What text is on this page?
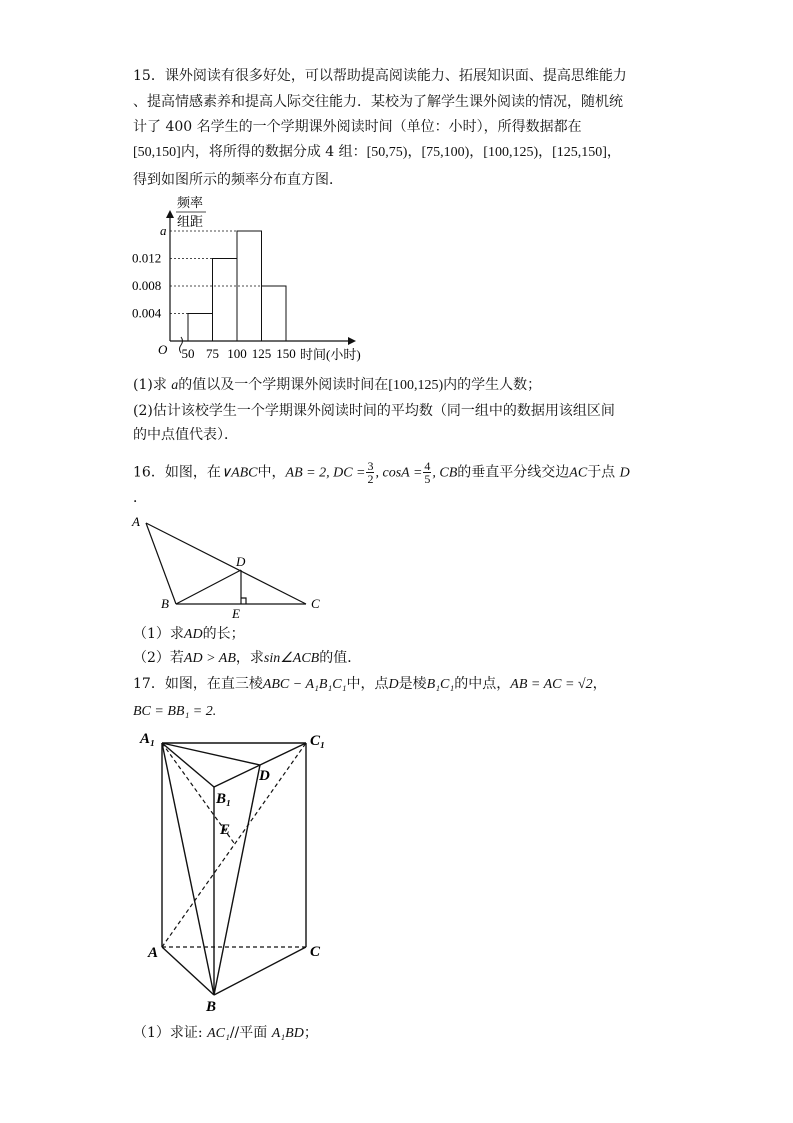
15．课外阅读有很多好处，可以帮助提高阅读能力、拓展知识面、提高思维能力
、提高情感素养和提高人际交往能力．某校为了解学生课外阅读的情况，随机统
计了 400 名学生的一个学期课外阅读时间（单位：小时），所得数据都在
[50,150]内，将所得的数据分成 4 组：[50,75)，[75,100)，[100,125)，[125,150]，
得到如图所示的频率分布直方图．
频率
组距
O
0.004
0.008
0.012
a
50 75 100 125 150 时间(小时)
(1)求 a的值以及一个学期课外阅读时间在[100,125)内的学生人数；
(2)估计该校学生一个学期课外阅读时间的平均数（同一组中的数据用该组区间
的中点值代表）．
16．如图，在∨ABC中，AB = 2, DC = $\frac{3}{2}$ , $\cos A = \frac{4}{5}$ , CB的垂直平分线交边AC于点 D
．
A
B	C
D
E
（1）求AD的长；
（2）若AD > AB，求sin∠ACB的值．
17．如图，在直三棱ABC − A₁B₁C₁中，点D是棱B₁C₁的中点，AB = AC = √2，
BC = BB₁ = 2.
A₁	C₁
B₁
D
E
A	C
B
（1）求证: AC₁//平面 A₁BD；
